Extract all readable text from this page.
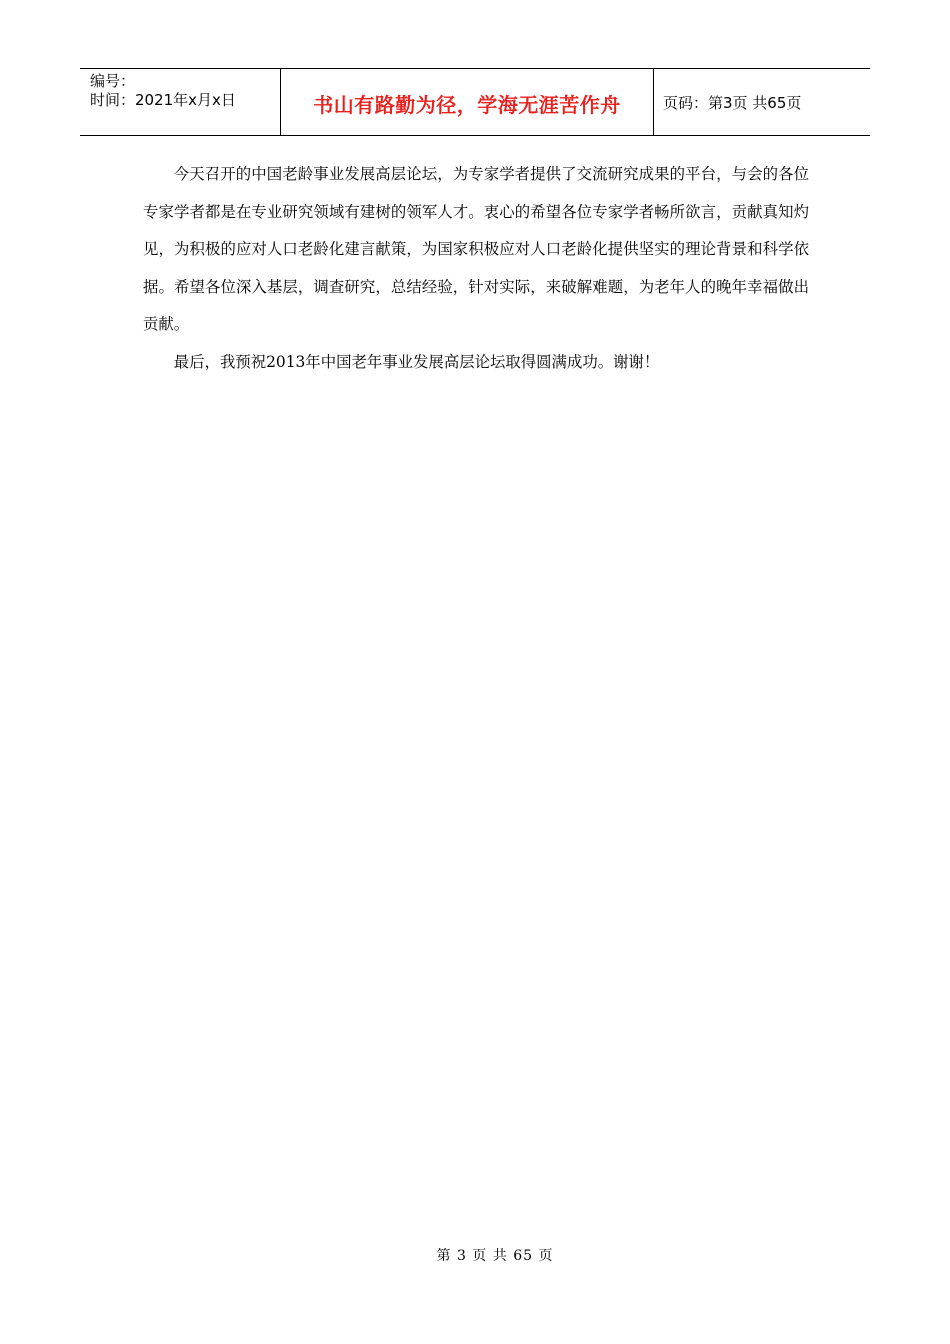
编号：
时间：2021年x月x日	书山有路勤为径，学海无涯苦作舟	页码：第3页 共65页

今天召开的中国老龄事业发展高层论坛，为专家学者提供了交流研究成果的平台，与会的各位专家学者都是在专业研究领域有建树的领军人才。衷心的希望各位专家学者畅所欲言，贡献真知灼见，为积极的应对人口老龄化建言献策，为国家积极应对人口老龄化提供坚实的理论背景和科学依据。希望各位深入基层，调查研究，总结经验，针对实际，来破解难题，为老年人的晚年幸福做出贡献。

最后，我预祝2013年中国老年事业发展高层论坛取得圆满成功。谢谢！

第 3 页 共 65 页
